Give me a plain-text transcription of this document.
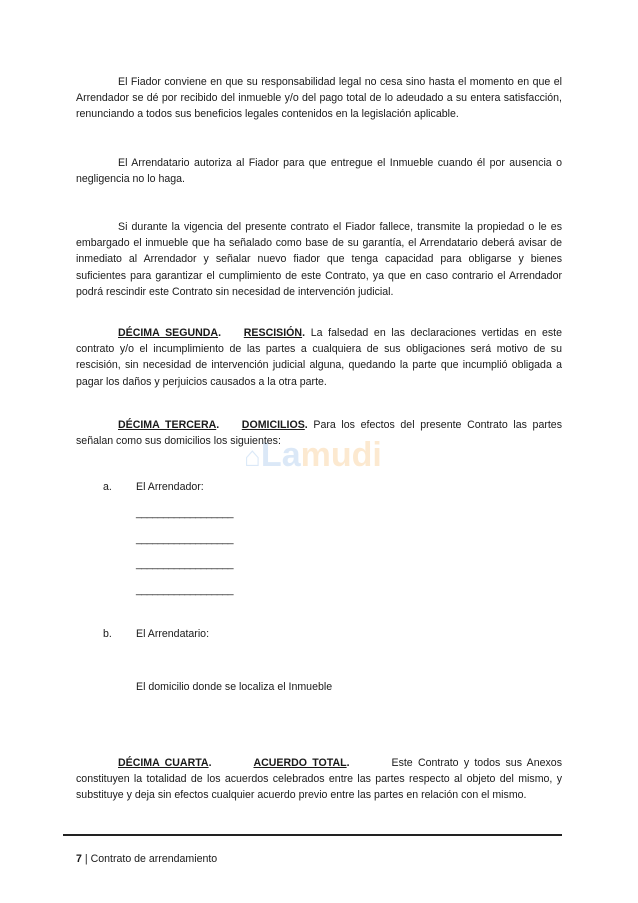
⌂Lamudi

El Fiador conviene en que su responsabilidad legal no cesa sino hasta el momento en que el Arrendador se dé por recibido del inmueble y/o del pago total de lo adeudado a su entera satisfacción, renunciando a todos sus beneficios legales contenidos en la legislación aplicable.

El Arrendatario autoriza al Fiador para que entregue el Inmueble cuando él por ausencia o negligencia no lo haga.

Si durante la vigencia del presente contrato el Fiador fallece, transmite la propiedad o le es embargado el inmueble que ha señalado como base de su garantía, el Arrendatario deberá avisar de inmediato al Arrendador y señalar nuevo fiador que tenga capacidad para obligarse y bienes suficientes para garantizar el cumplimiento de este Contrato, ya que en caso contrario el Arrendador podrá rescindir este Contrato sin necesidad de intervención judicial.

DÉCIMA SEGUNDA.    RESCISIÓN. La falsedad en las declaraciones vertidas en este contrato y/o el incumplimiento de las partes a cualquiera de sus obligaciones será motivo de su rescisión, sin necesidad de intervención judicial alguna, quedando la parte que incumplió obligada a pagar los daños y perjuicios causados a la otra parte.

DÉCIMA TERCERA.    DOMICILIOS. Para los efectos del presente Contrato las partes señalan como sus domicilios los siguientes:

a. El Arrendador:
__________________
__________________
__________________
__________________
b. El Arrendatario:
El domicilio donde se localiza el Inmueble

DÉCIMA CUARTA.        ACUERDO TOTAL.        Este Contrato y todos sus Anexos constituyen la totalidad de los acuerdos celebrados entre las partes respecto al objeto del mismo, y substituye y deja sin efectos cualquier acuerdo previo entre las partes en relación con el mismo.

7 | Contrato de arrendamiento
